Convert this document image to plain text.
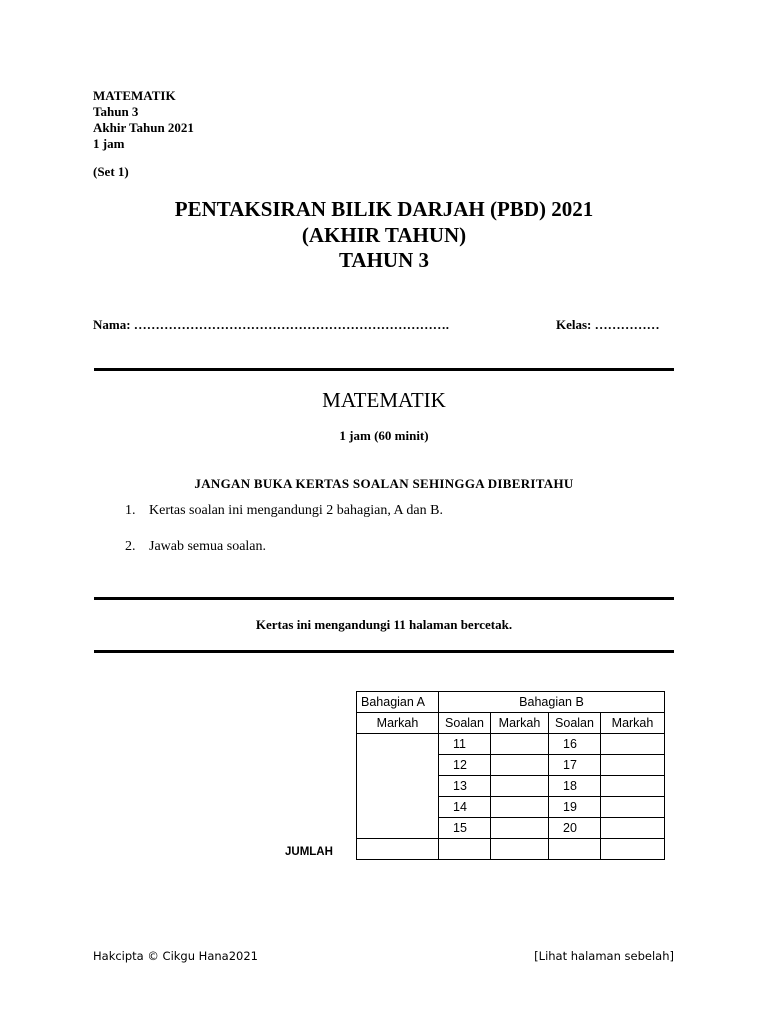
MATEMATIK
Tahun 3
Akhir Tahun 2021
1 jam
(Set 1)
PENTAKSIRAN BILIK DARJAH (PBD) 2021
(AKHIR TAHUN)
TAHUN 3
Nama: ……………………………………………………………….	Kelas: ……………
MATEMATIK
1 jam (60 minit)
JANGAN BUKA KERTAS SOALAN SEHINGGA DIBERITAHU
1. Kertas soalan ini mengandungi 2 bahagian, A dan B.
2. Jawab semua soalan.
Kertas ini mengandungi 11 halaman bercetak.
JUMLAH
Bahagian A	Bahagian B			
Markah	Soalan	Markah	Soalan	Markah
	11		16	
	12		17	
	13		18	
	14		19	
	15		20	

Hakcipta © Cikgu Hana2021	[Lihat halaman sebelah]
